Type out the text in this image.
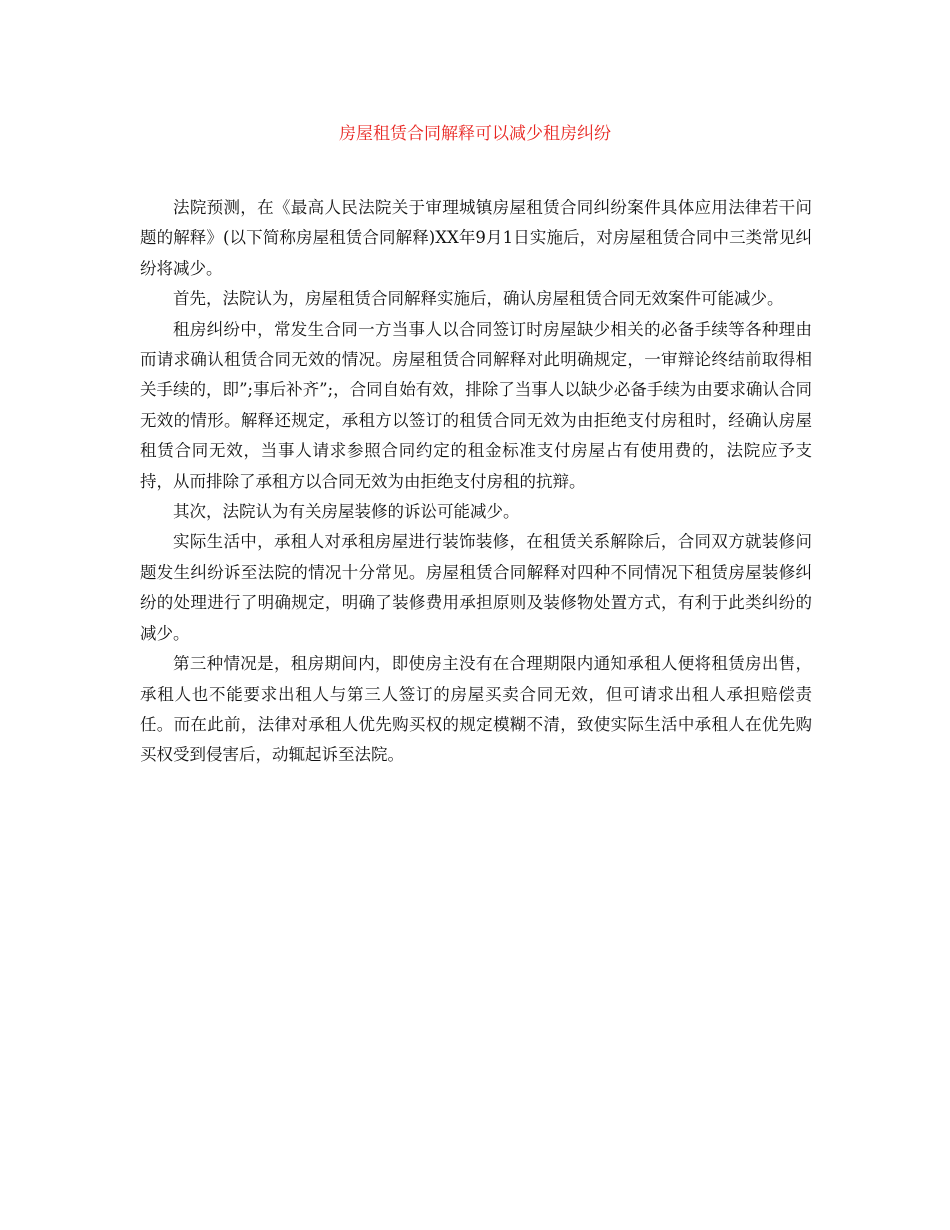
房屋租赁合同解释可以减少租房纠纷

法院预测，在《最高人民法院关于审理城镇房屋租赁合同纠纷案件具体应用法律若干问题的解释》(以下简称房屋租赁合同解释)XX年9月1日实施后，对房屋租赁合同中三类常见纠纷将减少。

首先，法院认为，房屋租赁合同解释实施后，确认房屋租赁合同无效案件可能减少。

租房纠纷中，常发生合同一方当事人以合同签订时房屋缺少相关的必备手续等各种理由而请求确认租赁合同无效的情况。房屋租赁合同解释对此明确规定，一审辩论终结前取得相关手续的，即”;事后补齐”;，合同自始有效，排除了当事人以缺少必备手续为由要求确认合同无效的情形。解释还规定，承租方以签订的租赁合同无效为由拒绝支付房租时，经确认房屋租赁合同无效，当事人请求参照合同约定的租金标准支付房屋占有使用费的，法院应予支持，从而排除了承租方以合同无效为由拒绝支付房租的抗辩。

其次，法院认为有关房屋装修的诉讼可能减少。

实际生活中，承租人对承租房屋进行装饰装修，在租赁关系解除后，合同双方就装修问题发生纠纷诉至法院的情况十分常见。房屋租赁合同解释对四种不同情况下租赁房屋装修纠纷的处理进行了明确规定，明确了装修费用承担原则及装修物处置方式，有利于此类纠纷的减少。

第三种情况是，租房期间内，即使房主没有在合理期限内通知承租人便将租赁房出售，承租人也不能要求出租人与第三人签订的房屋买卖合同无效，但可请求出租人承担赔偿责任。而在此前，法律对承租人优先购买权的规定模糊不清，致使实际生活中承租人在优先购买权受到侵害后，动辄起诉至法院。
